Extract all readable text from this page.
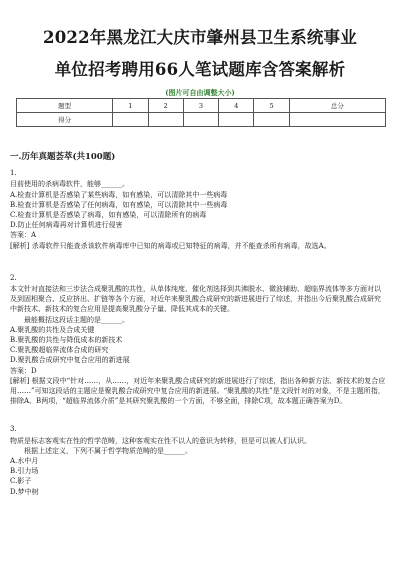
2022年黑龙江大庆市肇州县卫生系统事业
单位招考聘用66人笔试题库含答案解析
(图片可自由调整大小)
题型	1	2	3	4	5	总分
得分						
一.历年真题荟萃(共100题)
1.
目前使用的杀病毒软件，能够______。
A.检查计算机是否感染了某些病毒，如有感染，可以清除其中一些病毒
B.检查计算机是否感染了任何病毒，如有感染，可以清除其中一些病毒
C.检查计算机是否感染了病毒，如有感染，可以清除所有的病毒
D.防止任何病毒再对计算机进行侵害
答案：A
[解析] 杀毒软件只能查杀该软件病毒库中已知的病毒或已知特征的病毒，并不能查杀所有病毒，故选A。
2.
本文针对直接法和三步法合成聚乳酸的共性，从单体纯度、催化剂选择到共沸脱水、微波辅助、超临界流体等多方面对以及到固相聚合、反应挤出、扩链等各个方面，对近年来聚乳酸合成研究的新进展进行了综述，并指出今后聚乳酸合成研究中新技术、新技术的复合应用是提高聚乳酸分子量、降低其成本的关键。
最能概括这段话主题的是______。
A.聚乳酸的共性及合成关键
B.聚乳酸的共性与降低成本的新技术
C.聚乳酸超临界流体合成的研究
D.聚乳酸合成研究中复合应用的新进展
答案：D
[解析] 根据文段中“针对……，从……，对近年来聚乳酸合成研究的新进展进行了综述，指出各种新方法、新技术的复合应用……”可知这段话的主题应是聚乳酸合成研究中复合应用的新进展。“聚乳酸的共性”是文段针对的对象，不是主题所指，排除A、B两项，“超临界流体介质”是其研究聚乳酸的一个方面，不够全面，排除C项，故本题正确答案为D。
3.
物质是标志客观实在性的哲学范畴，这种客观实在性不以人的意识为转移，但是可以被人们认识。
根据上述定义，下列不属于哲学物质范畴的是______。
A.水中月
B.引力场
C.影子
D.梦中树
